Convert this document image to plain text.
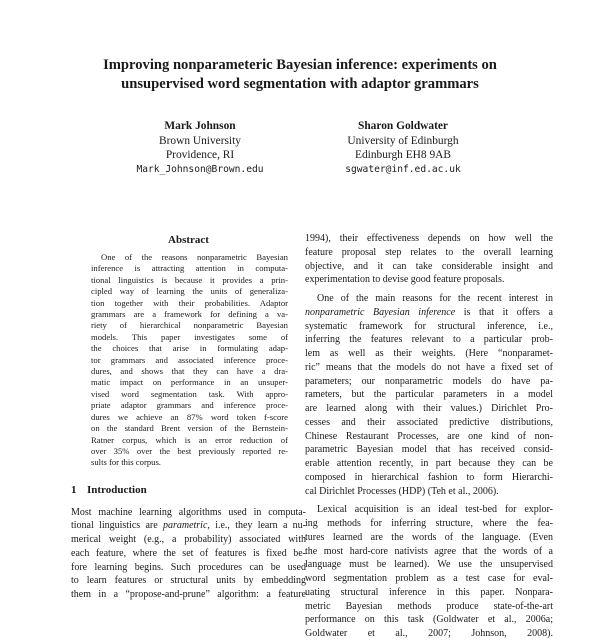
Improving nonparameteric Bayesian inference: experiments on unsupervised word segmentation with adaptor grammars
Mark Johnson
Brown University
Providence, RI
Mark_Johnson@Brown.edu
Sharon Goldwater
University of Edinburgh
Edinburgh EH8 9AB
sgwater@inf.ed.ac.uk
Abstract
One of the reasons nonparametric Bayesian
inference is attracting attention in computa-
tional linguistics is because it provides a prin-
cipled way of learning the units of generaliza-
tion together with their probabilities. Adaptor
grammars are a framework for defining a va-
riety of hierarchical nonparametric Bayesian
models. This paper investigates some of
the choices that arise in formulating adap-
tor grammars and associated inference proce-
dures, and shows that they can have a dra-
matic impact on performance in an unsuper-
vised word segmentation task. With appro-
priate adaptor grammars and inference proce-
dures we achieve an 87% word token f-score
on the standard Brent version of the Bernstein-
Ratner corpus, which is an error reduction of
over 35% over the best previously reported re-
sults for this corpus.
1 Introduction

Most machine learning algorithms used in computa-
tional linguistics are parametric, i.e., they learn a nu-
merical weight (e.g., a probability) associated with
each feature, where the set of features is fixed be-
fore learning begins. Such procedures can be used
to learn features or structural units by embedding
them in a “propose-and-prune” algorithm: a feature

1994), their effectiveness depends on how well the
feature proposal step relates to the overall learning
objective, and it can take considerable insight and
experimentation to devise good feature proposals.

One of the main reasons for the recent interest in
nonparametric Bayesian inference is that it offers a
systematic framework for structural inference, i.e.,
inferring the features relevant to a particular prob-
lem as well as their weights. (Here “nonparamet-
ric” means that the models do not have a fixed set of
parameters; our nonparametric models do have pa-
rameters, but the particular parameters in a model
are learned along with their values.) Dirichlet Pro-
cesses and their associated predictive distributions,
Chinese Restaurant Processes, are one kind of non-
parametric Bayesian model that has received consid-
erable attention recently, in part because they can be
composed in hierarchical fashion to form Hierarchi-
cal Dirichlet Processes (HDP) (Teh et al., 2006).

Lexical acquisition is an ideal test-bed for explor-
ing methods for inferring structure, where the fea-
tures learned are the words of the language. (Even
the most hard-core nativists agree that the words of a
language must be learned). We use the unsupervised
word segmentation problem as a test case for eval-
uating structural inference in this paper. Nonpara-
metric Bayesian methods produce state-of-the-art
performance on this task (Goldwater et al., 2006a;
Goldwater et al., 2007; Johnson, 2008).
